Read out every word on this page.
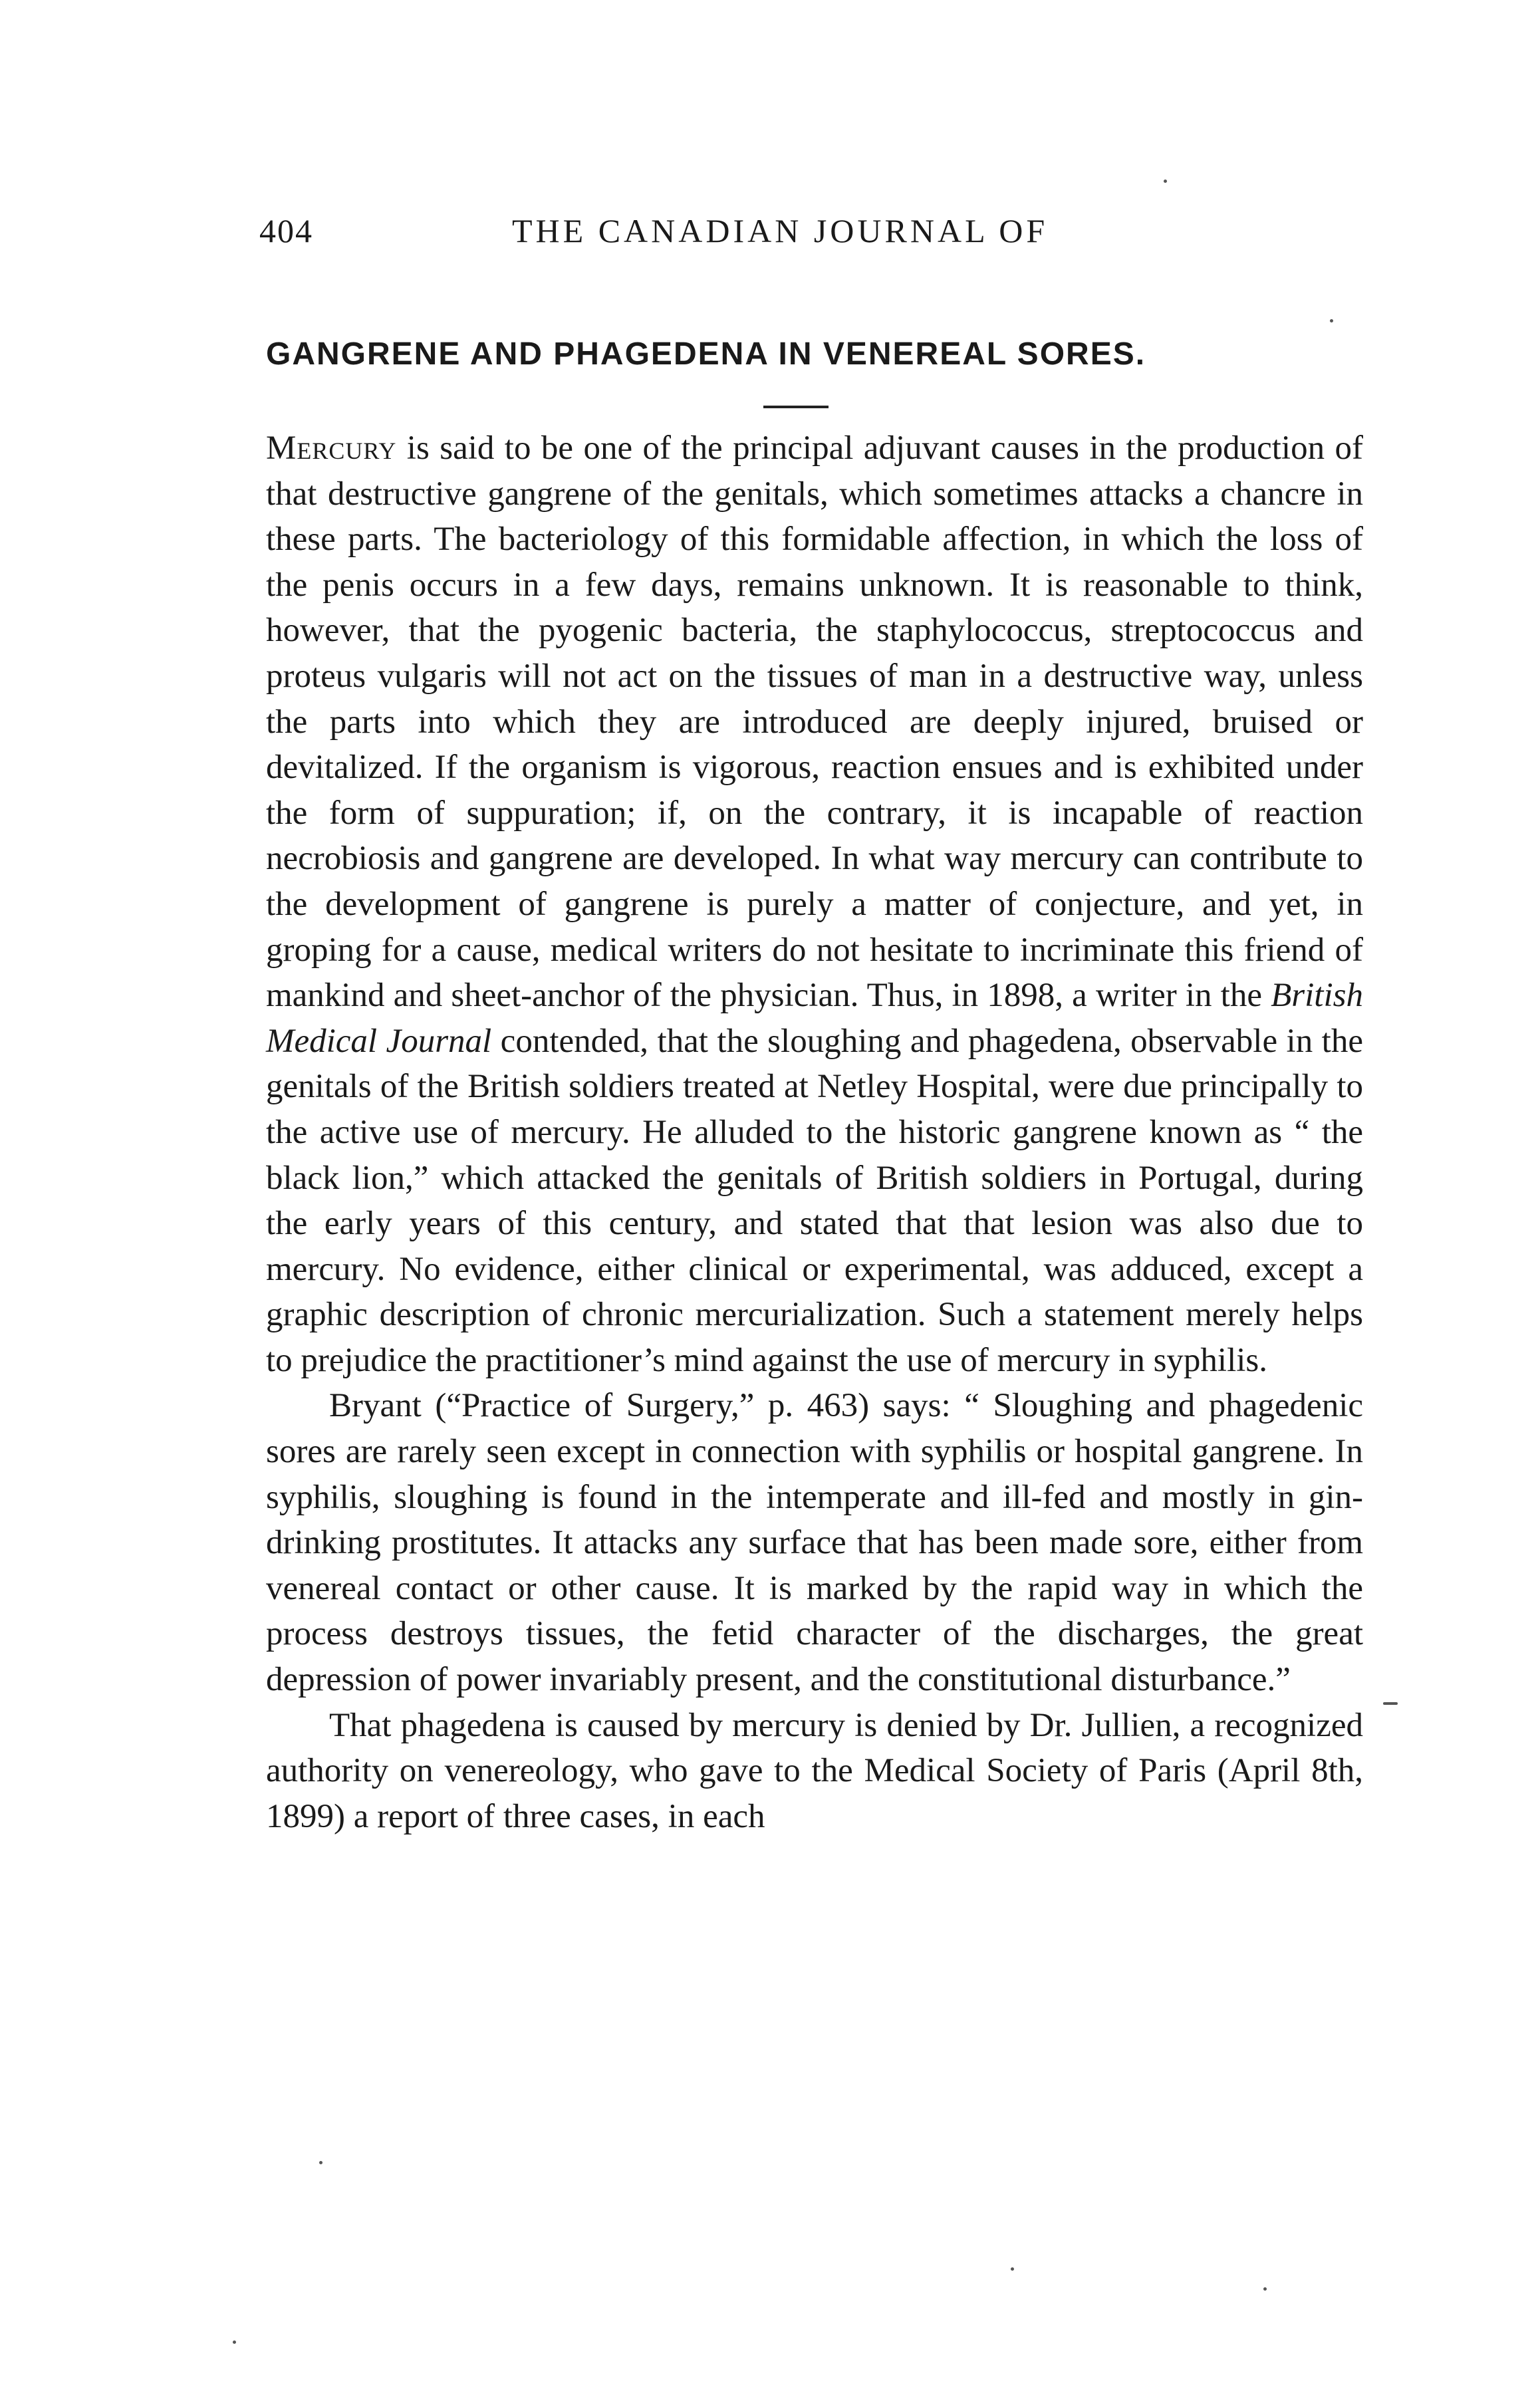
404	THE CANADIAN JOURNAL OF
GANGRENE AND PHAGEDENA IN VENEREAL SORES.

Mercury is said to be one of the principal adjuvant causes in the production of that destructive gangrene of the genitals, which sometimes attacks a chancre in these parts. The bacteriology of this formidable affection, in which the loss of the penis occurs in a few days, remains unknown. It is reasonable to think, however, that the pyogenic bacteria, the staphylococcus, streptococcus and proteus vulgaris will not act on the tissues of man in a destructive way, unless the parts into which they are introduced are deeply injured, bruised or devitalized. If the organism is vigorous, reaction ensues and is exhibited under the form of suppuration; if, on the contrary, it is incapable of reaction necrobiosis and gangrene are developed. In what way mercury can contribute to the development of gangrene is purely a matter of conjecture, and yet, in groping for a cause, medical writers do not hesitate to incriminate this friend of mankind and sheet-anchor of the physician. Thus, in 1898, a writer in the British Medical Journal contended, that the sloughing and phagedena, observable in the genitals of the British soldiers treated at Netley Hospital, were due principally to the active use of mercury. He alluded to the historic gangrene known as “ the black lion,” which attacked the genitals of British soldiers in Portugal, during the early years of this century, and stated that that lesion was also due to mercury. No evidence, either clinical or experimental, was adduced, except a graphic description of chronic mercurialization. Such a statement merely helps to prejudice the practitioner’s mind against the use of mercury in syphilis.

Bryant (“Practice of Surgery,” p. 463) says: “ Sloughing and phagedenic sores are rarely seen except in connection with syphilis or hospital gangrene. In syphilis, sloughing is found in the intemperate and ill-fed and mostly in gin-drinking prostitutes. It attacks any surface that has been made sore, either from venereal contact or other cause. It is marked by the rapid way in which the process destroys tissues, the fetid character of the discharges, the great depression of power invariably present, and the constitutional disturbance.”

That phagedena is caused by mercury is denied by Dr. Jullien, a recognized authority on venereology, who gave to the Medical Society of Paris (April 8th, 1899) a report of three cases, in each
